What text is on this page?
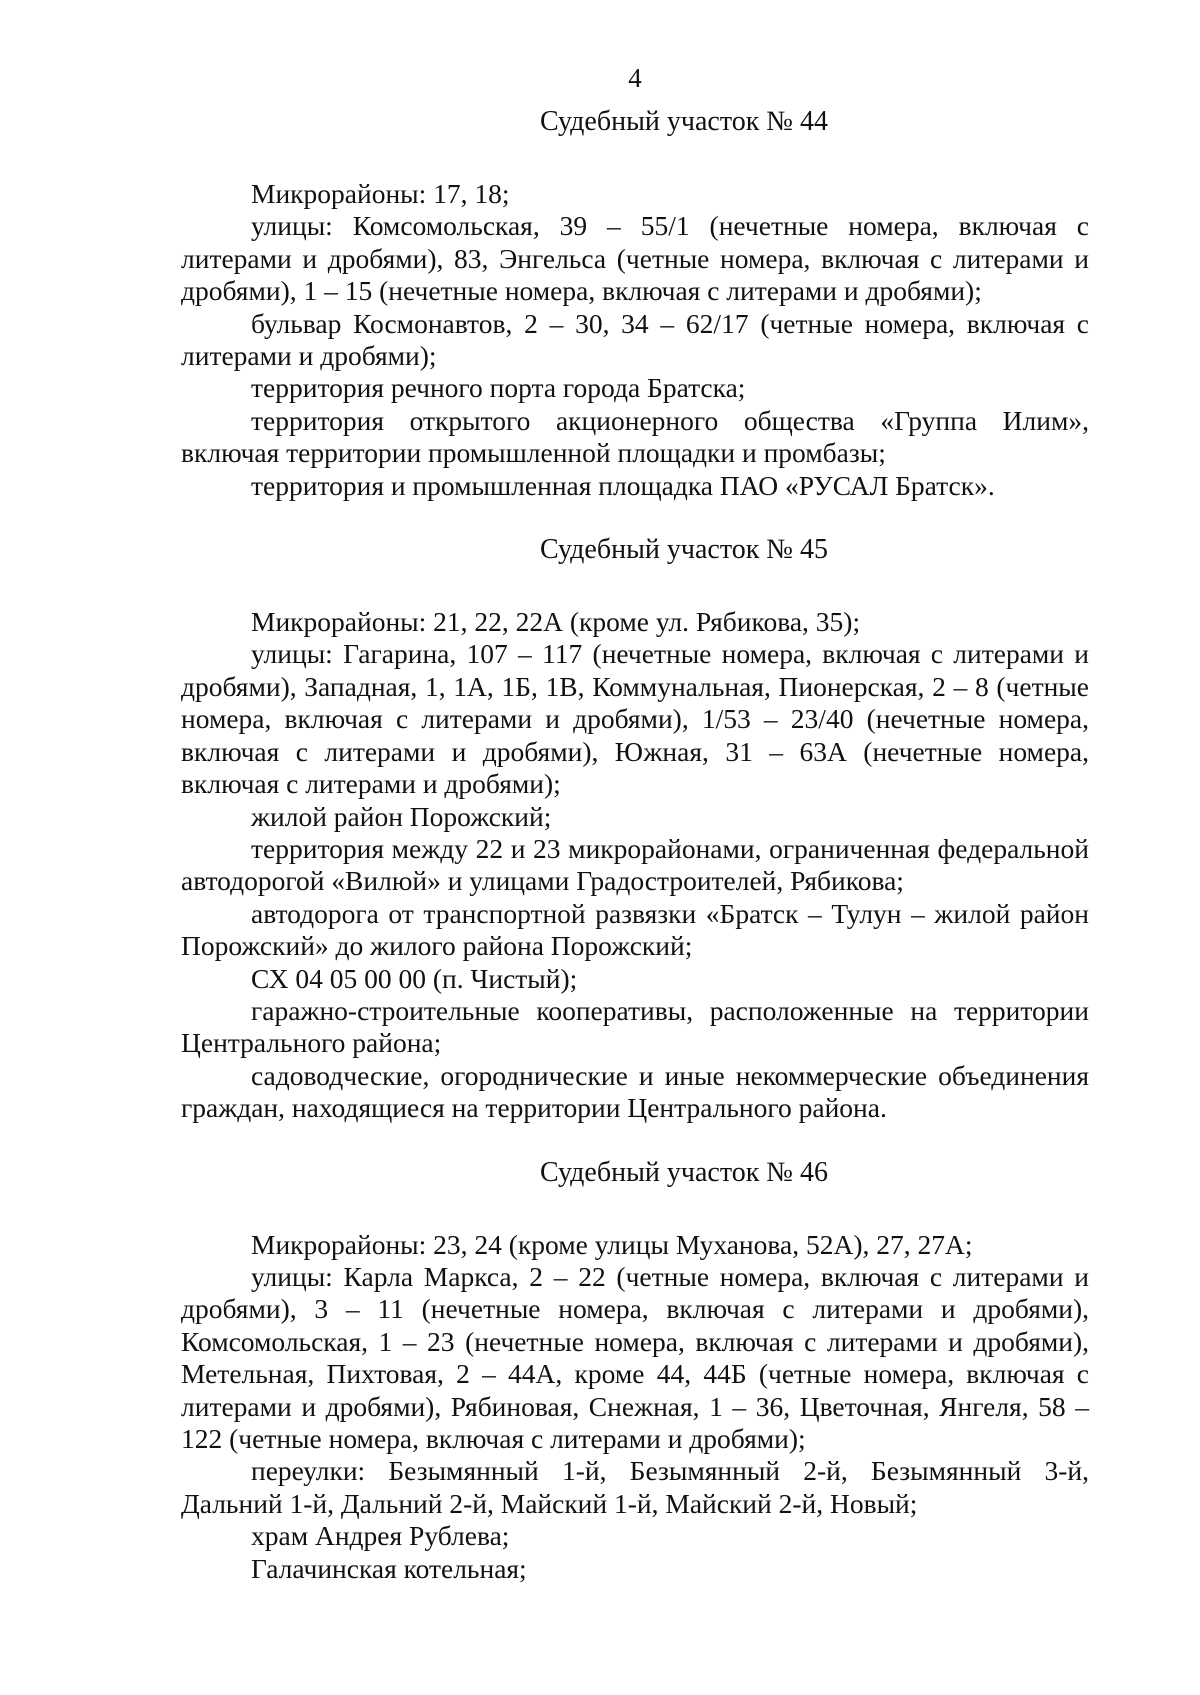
4

Судебный участок № 44

Микрорайоны: 17, 18;

улицы: Комсомольская, 39 – 55/1 (нечетные номера, включая с литерами и дробями), 83, Энгельса (четные номера, включая с литерами и дробями), 1 – 15 (нечетные номера, включая с литерами и дробями);

бульвар Космонавтов, 2 – 30, 34 – 62/17 (четные номера, включая с литерами и дробями);

территория речного порта города Братска;

территория открытого акционерного общества «Группа Илим», включая территории промышленной площадки и промбазы;

территория и промышленная площадка ПАО «РУСАЛ Братск».

Судебный участок № 45

Микрорайоны: 21, 22, 22А (кроме ул. Рябикова, 35);

улицы: Гагарина, 107 – 117 (нечетные номера, включая с литерами и дробями), Западная, 1, 1А, 1Б, 1В, Коммунальная, Пионерская, 2 – 8 (четные номера, включая с литерами и дробями), 1/53 – 23/40 (нечетные номера, включая с литерами и дробями), Южная, 31 – 63А (нечетные номера, включая с литерами и дробями);

жилой район Порожский;

территория между 22 и 23 микрорайонами, ограниченная федеральной автодорогой «Вилюй» и улицами Градостроителей, Рябикова;

автодорога от транспортной развязки «Братск – Тулун – жилой район Порожский» до жилого района Порожский;

СХ 04 05 00 00 (п. Чистый);

гаражно-строительные кооперативы, расположенные на территории Центрального района;

садоводческие, огороднические и иные некоммерческие объединения граждан, находящиеся на территории Центрального района.

Судебный участок № 46

Микрорайоны: 23, 24 (кроме улицы Муханова, 52А), 27, 27А;

улицы: Карла Маркса, 2 – 22 (четные номера, включая с литерами и дробями), 3 – 11 (нечетные номера, включая с литерами и дробями), Комсомольская, 1 – 23 (нечетные номера, включая с литерами и дробями), Метельная, Пихтовая, 2 – 44А, кроме 44, 44Б (четные номера, включая с литерами и дробями), Рябиновая, Снежная, 1 – 36, Цветочная, Янгеля, 58 – 122 (четные номера, включая с литерами и дробями);

переулки: Безымянный 1-й, Безымянный 2-й, Безымянный 3-й, Дальний 1-й, Дальний 2-й, Майский 1-й, Майский 2-й, Новый;

храм Андрея Рублева;

Галачинская котельная;
